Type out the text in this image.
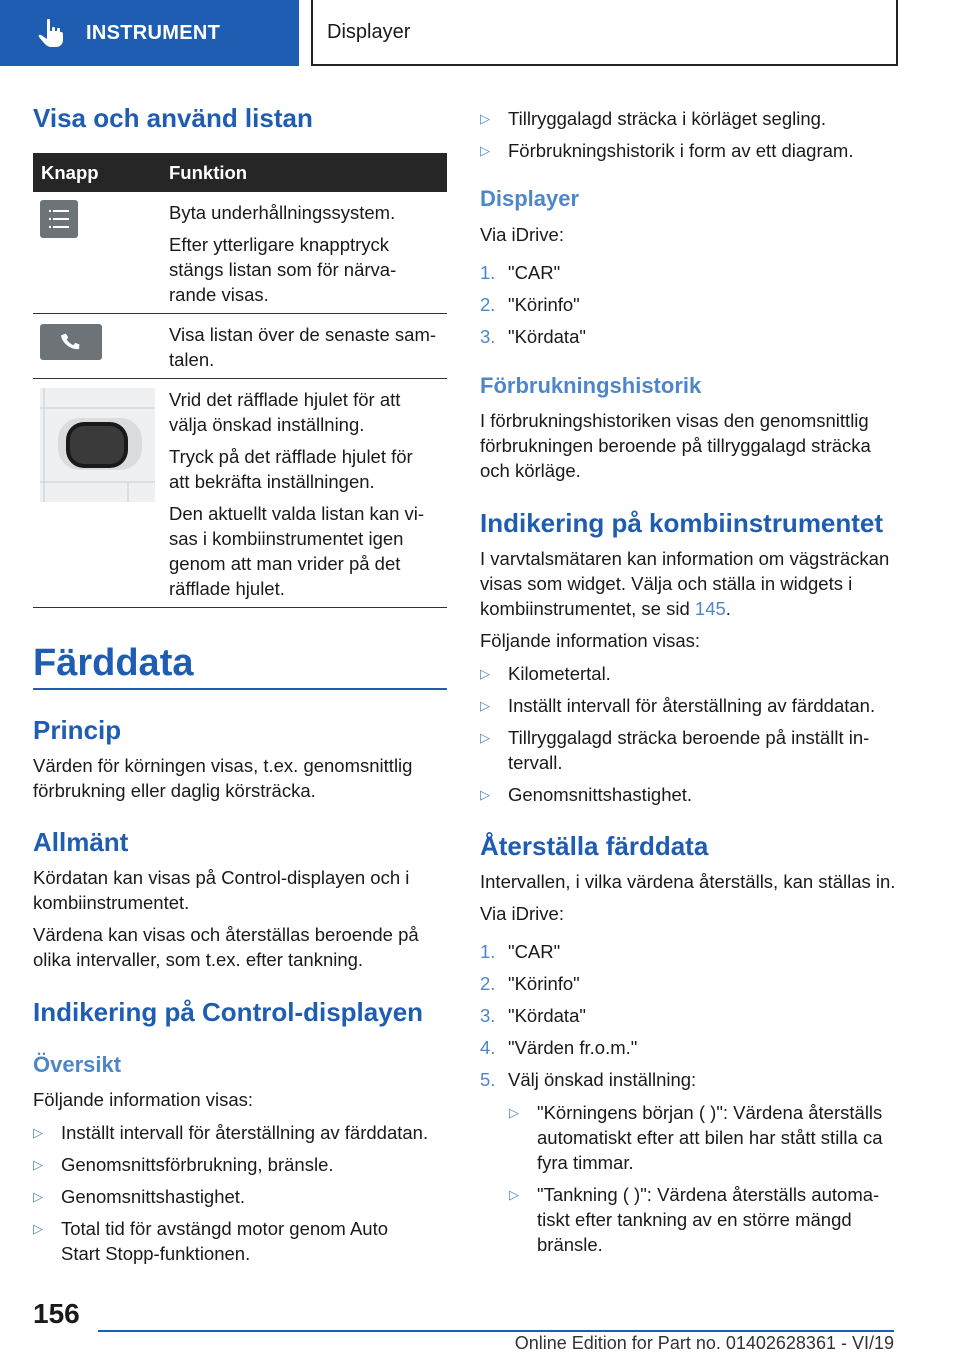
INSTRUMENT	Displayer
Visa och använd listan
Knapp	Funktion
Byta underhållningssystem.
Efter ytterligare knapptryck
stängs listan som för närva-
rande visas.
Visa listan över de senaste sam-
talen.
Vrid det räfflade hjulet för att
välja önskad inställning.
Tryck på det räfflade hjulet för
att bekräfta inställningen.
Den aktuellt valda listan kan vi-
sas i kombiinstrumentet igen
genom att man vrider på det
räfflade hjulet.
Färddata
Princip
Värden för körningen visas, t.ex. genomsnittlig
förbrukning eller daglig körsträcka.
Allmänt
Kördatan kan visas på Control-displayen och i
kombiinstrumentet.
Värdena kan visas och återställas beroende på
olika intervaller, som t.ex. efter tankning.
Indikering på Control-displayen
Översikt
Följande information visas:
▷ Inställt intervall för återställning av färddatan.
▷ Genomsnittsförbrukning, bränsle.
▷ Genomsnittshastighet.
▷ Total tid för avstängd motor genom Auto
Start Stopp-funktionen.
▷ Tillryggalagd sträcka i körläget segling.
▷ Förbrukningshistorik i form av ett diagram.
Displayer
Via iDrive:
1. "CAR"
2. "Körinfo"
3. "Kördata"
Förbrukningshistorik
I förbrukningshistoriken visas den genomsnittlig
förbrukningen beroende på tillryggalagd sträcka
och körläge.
Indikering på kombiinstrumentet
I varvtalsmätaren kan information om vägsträckan
visas som widget. Välja och ställa in widgets i
kombiinstrumentet, se sid 145.
Följande information visas:
▷ Kilometertal.
▷ Inställt intervall för återställning av färddatan.
▷ Tillryggalagd sträcka beroende på inställt in-
tervall.
▷ Genomsnittshastighet.
Återställa färddata
Intervallen, i vilka värdena återställs, kan ställas in.
Via iDrive:
1. "CAR"
2. "Körinfo"
3. "Kördata"
4. "Värden fr.o.m."
5. Välj önskad inställning:
▷ "Körningens början ( )": Värdena återställs
automatiskt efter att bilen har stått stilla ca
fyra timmar.
▷ "Tankning ( )": Värdena återställs automa-
tiskt efter tankning av en större mängd
bränsle.
156
Online Edition for Part no. 01402628361 - VI/19
